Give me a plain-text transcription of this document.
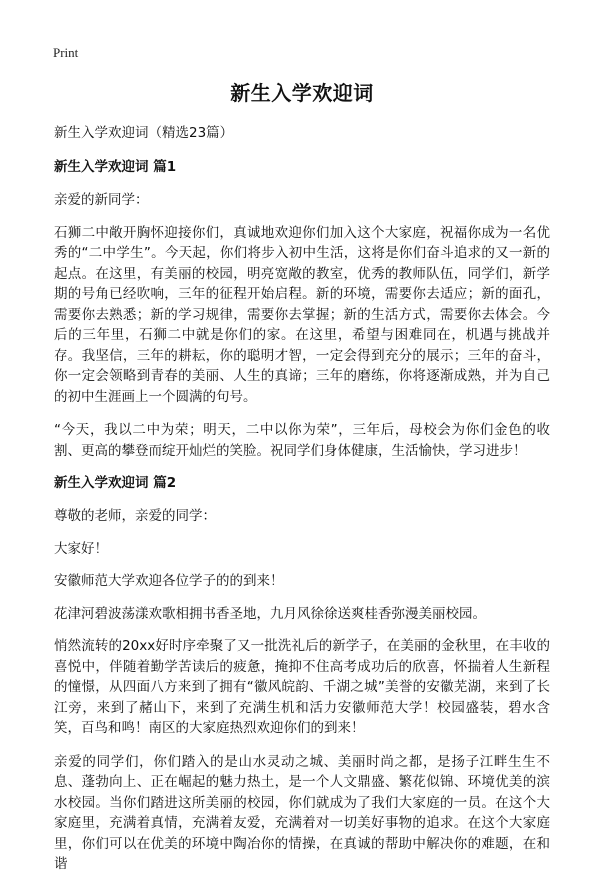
Print
新生入学欢迎词
新生入学欢迎词（精选23篇）
新生入学欢迎词 篇1
亲爱的新同学：
石狮二中敞开胸怀迎接你们，真诚地欢迎你们加入这个大家庭，祝福你成为一名优秀的“二中学生”。今天起，你们将步入初中生活，这将是你们奋斗追求的又一新的起点。在这里，有美丽的校园，明亮宽敞的教室，优秀的教师队伍，同学们，新学期的号角已经吹响，三年的征程开始启程。新的环境，需要你去适应；新的面孔，需要你去熟悉；新的学习规律，需要你去掌握；新的生活方式，需要你去体会。今后的三年里，石狮二中就是你们的家。在这里，希望与困难同在，机遇与挑战并存。我坚信，三年的耕耘，你的聪明才智，一定会得到充分的展示；三年的奋斗，你一定会领略到青春的美丽、人生的真谛；三年的磨练，你将逐渐成熟，并为自己的初中生涯画上一个圆满的句号。
“今天，我以二中为荣；明天，二中以你为荣”，三年后，母校会为你们金色的收割、更高的攀登而绽开灿烂的笑脸。祝同学们身体健康，生活愉快，学习进步！
新生入学欢迎词 篇2
尊敬的老师，亲爱的同学：
大家好！
安徽师范大学欢迎各位学子的的到来！
花津河碧波荡漾欢歌相拥书香圣地，九月风徐徐送爽桂香弥漫美丽校园。
悄然流转的20xx好时序牵聚了又一批洗礼后的新学子，在美丽的金秋里，在丰收的喜悦中，伴随着勤学苦读后的疲惫，掩抑不住高考成功后的欣喜，怀揣着人生新程的憧憬，从四面八方来到了拥有“徽风皖韵、千湖之城”美誉的安徽芜湖，来到了长江旁，来到了赭山下，来到了充满生机和活力安徽师范大学！校园盛装，碧水含笑，百鸟和鸣！南区的大家庭热烈欢迎你们的到来！
亲爱的同学们，你们踏入的是山水灵动之城、美丽时尚之都，是扬子江畔生生不息、蓬勃向上、正在崛起的魅力热土，是一个人文鼎盛、繁花似锦、环境优美的滨水校园。当你们踏进这所美丽的校园，你们就成为了我们大家庭的一员。在这个大家庭里，充满着真情，充满着友爱，充满着对一切美好事物的追求。在这个大家庭里，你们可以在优美的环境中陶冶你的情操，在真诚的帮助中解决你的难题，在和谐
